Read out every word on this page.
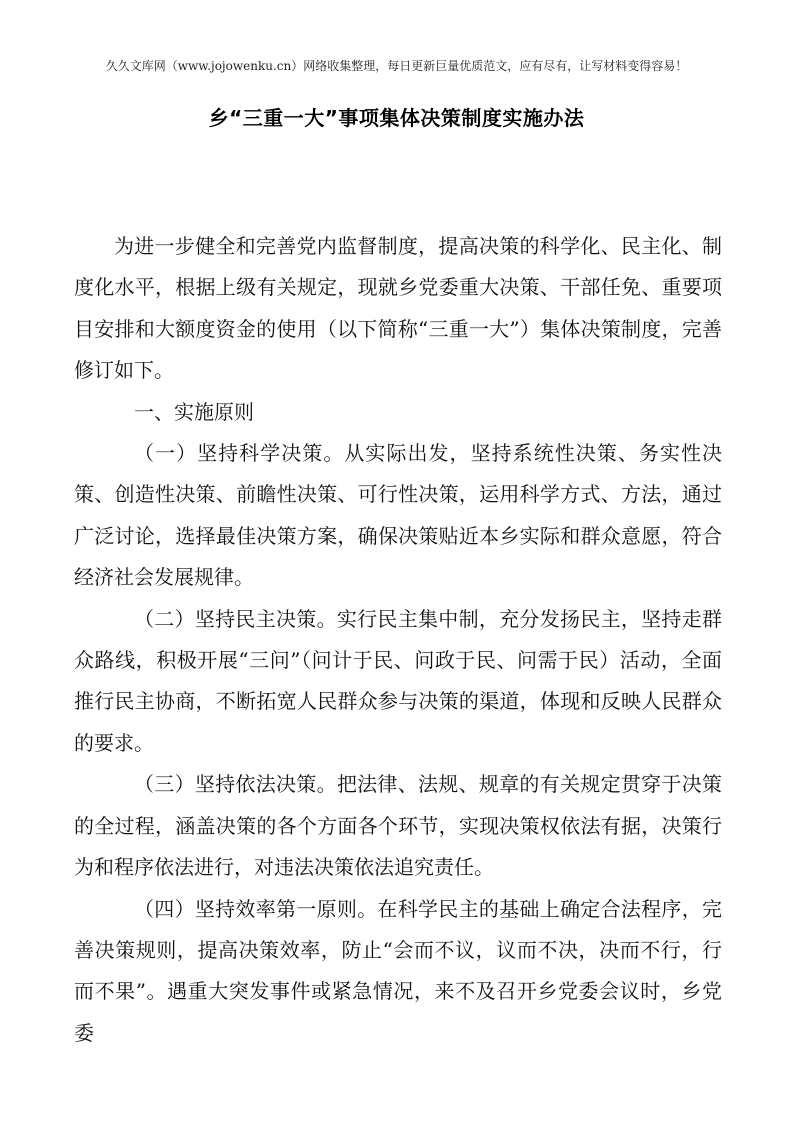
久久文库网（www.jojowenku.cn）网络收集整理，每日更新巨量优质范文，应有尽有，让写材料变得容易！
乡“三重一大”事项集体决策制度实施办法

为进一步健全和完善党内监督制度，提高决策的科学化、民主化、制度化水平，根据上级有关规定，现就乡党委重大决策、干部任免、重要项目安排和大额度资金的使用（以下简称“三重一大”）集体决策制度，完善修订如下。

一、实施原则

（一）坚持科学决策。从实际出发，坚持系统性决策、务实性决策、创造性决策、前瞻性决策、可行性决策，运用科学方式、方法，通过广泛讨论，选择最佳决策方案，确保决策贴近本乡实际和群众意愿，符合经济社会发展规律。

（二）坚持民主决策。实行民主集中制，充分发扬民主，坚持走群众路线，积极开展“三问”（问计于民、问政于民、问需于民）活动，全面推行民主协商，不断拓宽人民群众参与决策的渠道，体现和反映人民群众的要求。

（三）坚持依法决策。把法律、法规、规章的有关规定贯穿于决策的全过程，涵盖决策的各个方面各个环节，实现决策权依法有据，决策行为和程序依法进行，对违法决策依法追究责任。

（四）坚持效率第一原则。在科学民主的基础上确定合法程序，完善决策规则，提高决策效率，防止“会而不议，议而不决，决而不行，行而不果”。遇重大突发事件或紧急情况，来不及召开乡党委会议时，乡党委
